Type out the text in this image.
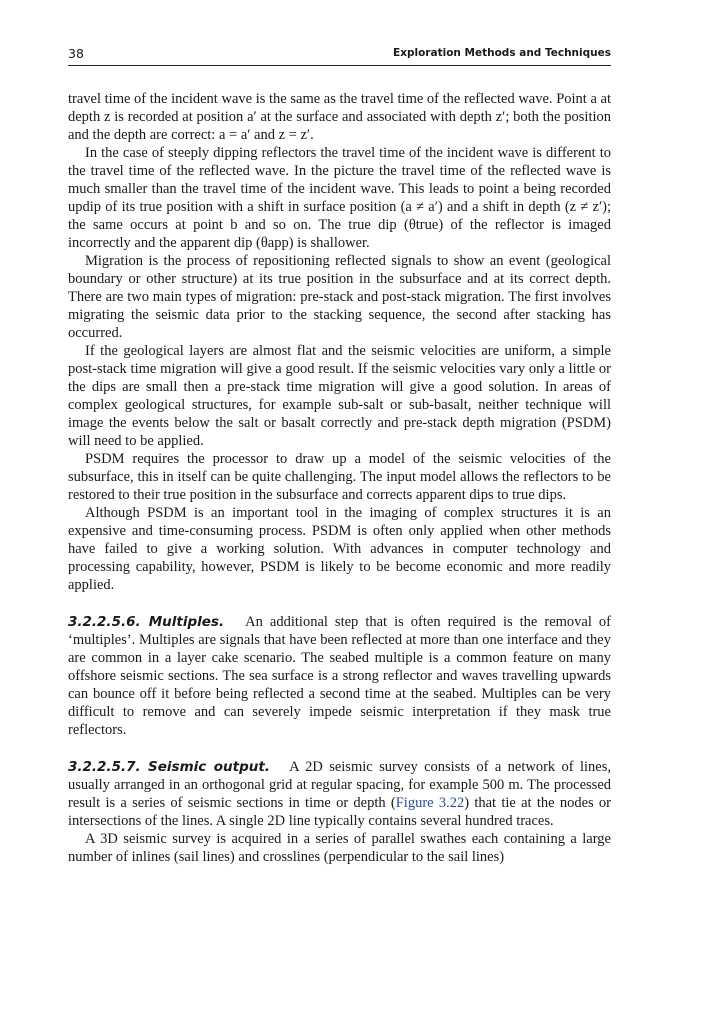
38	Exploration Methods and Techniques

travel time of the incident wave is the same as the travel time of the reflected wave. Point a at depth z is recorded at position a′ at the surface and associated with depth z′; both the position and the depth are correct: a = a′ and z = z′.

In the case of steeply dipping reflectors the travel time of the incident wave is different to the travel time of the reflected wave. In the picture the travel time of the reflected wave is much smaller than the travel time of the incident wave. This leads to point a being recorded updip of its true position with a shift in surface position (a ≠ a′) and a shift in depth (z ≠ z′); the same occurs at point b and so on. The true dip (θtrue) of the reflector is imaged incorrectly and the apparent dip (θapp) is shallower.

Migration is the process of repositioning reflected signals to show an event (geological boundary or other structure) at its true position in the subsurface and at its correct depth. There are two main types of migration: pre-stack and post-stack migration. The first involves migrating the seismic data prior to the stacking sequence, the second after stacking has occurred.

If the geological layers are almost flat and the seismic velocities are uniform, a simple post-stack time migration will give a good result. If the seismic velocities vary only a little or the dips are small then a pre-stack time migration will give a good solution. In areas of complex geological structures, for example sub-salt or sub-basalt, neither technique will image the events below the salt or basalt correctly and pre-stack depth migration (PSDM) will need to be applied.

PSDM requires the processor to draw up a model of the seismic velocities of the subsurface, this in itself can be quite challenging. The input model allows the reflectors to be restored to their true position in the subsurface and corrects apparent dips to true dips.

Although PSDM is an important tool in the imaging of complex structures it is an expensive and time-consuming process. PSDM is often only applied when other methods have failed to give a working solution. With advances in computer technology and processing capability, however, PSDM is likely to be become economic and more readily applied.

3.2.2.5.6. Multiples. An additional step that is often required is the removal of ‘multiples’. Multiples are signals that have been reflected at more than one interface and they are common in a layer cake scenario. The seabed multiple is a common feature on many offshore seismic sections. The sea surface is a strong reflector and waves travelling upwards can bounce off it before being reflected a second time at the seabed. Multiples can be very difficult to remove and can severely impede seismic interpretation if they mask true reflectors.

3.2.2.5.7. Seismic output. A 2D seismic survey consists of a network of lines, usually arranged in an orthogonal grid at regular spacing, for example 500 m. The processed result is a series of seismic sections in time or depth (Figure 3.22) that tie at the nodes or intersections of the lines. A single 2D line typically contains several hundred traces.

A 3D seismic survey is acquired in a series of parallel swathes each containing a large number of inlines (sail lines) and crosslines (perpendicular to the sail lines)
